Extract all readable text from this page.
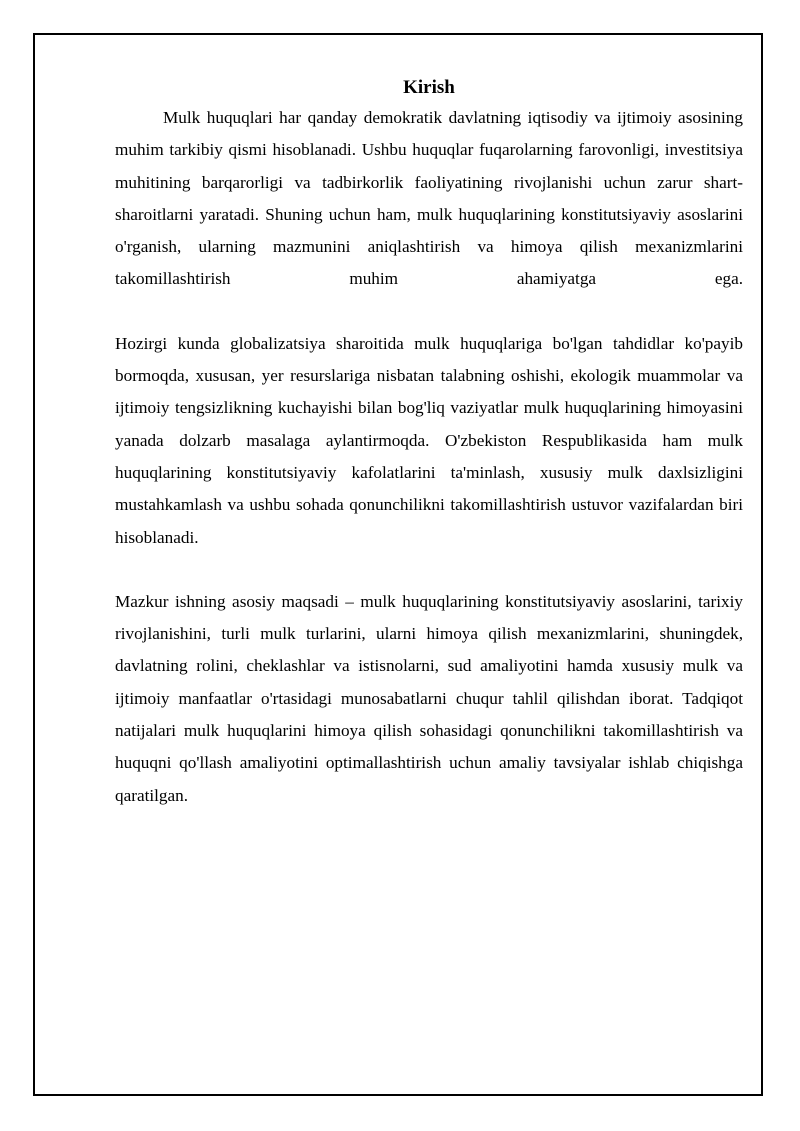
Kirish

Mulk huquqlari har qanday demokratik davlatning iqtisodiy va ijtimoiy asosining muhim tarkibiy qismi hisoblanadi. Ushbu huquqlar fuqarolarning farovonligi, investitsiya muhitining barqarorligi va tadbirkorlik faoliyatining rivojlanishi uchun zarur shart-sharoitlarni yaratadi. Shuning uchun ham, mulk huquqlarining konstitutsiyaviy asoslarini o'rganish, ularning mazmunini aniqlashtirish va himoya qilish mexanizmlarini takomillashtirish muhim ahamiyatga ega.

Hozirgi kunda globalizatsiya sharoitida mulk huquqlariga bo'lgan tahdidlar ko'payib bormoqda, xususan, yer resurslariga nisbatan talabning oshishi, ekologik muammolar va ijtimoiy tengsizlikning kuchayishi bilan bog'liq vaziyatlar mulk huquqlarining himoyasini yanada dolzarb masalaga aylantirmoqda. O'zbekiston Respublikasida ham mulk huquqlarining konstitutsiyaviy kafolatlarini ta'minlash, xususiy mulk daxlsizligini mustahkamlash va ushbu sohada qonunchilikni takomillashtirish ustuvor vazifalardan biri hisoblanadi.

Mazkur ishning asosiy maqsadi – mulk huquqlarining konstitutsiyaviy asoslarini, tarixiy rivojlanishini, turli mulk turlarini, ularni himoya qilish mexanizmlarini, shuningdek, davlatning rolini, cheklashlar va istisnolarni, sud amaliyotini hamda xususiy mulk va ijtimoiy manfaatlar o'rtasidagi munosabatlarni chuqur tahlil qilishdan iborat. Tadqiqot natijalari mulk huquqlarini himoya qilish sohasidagi qonunchilikni takomillashtirish va huquqni qo'llash amaliyotini optimallashtirish uchun amaliy tavsiyalar ishlab chiqishga qaratilgan.
